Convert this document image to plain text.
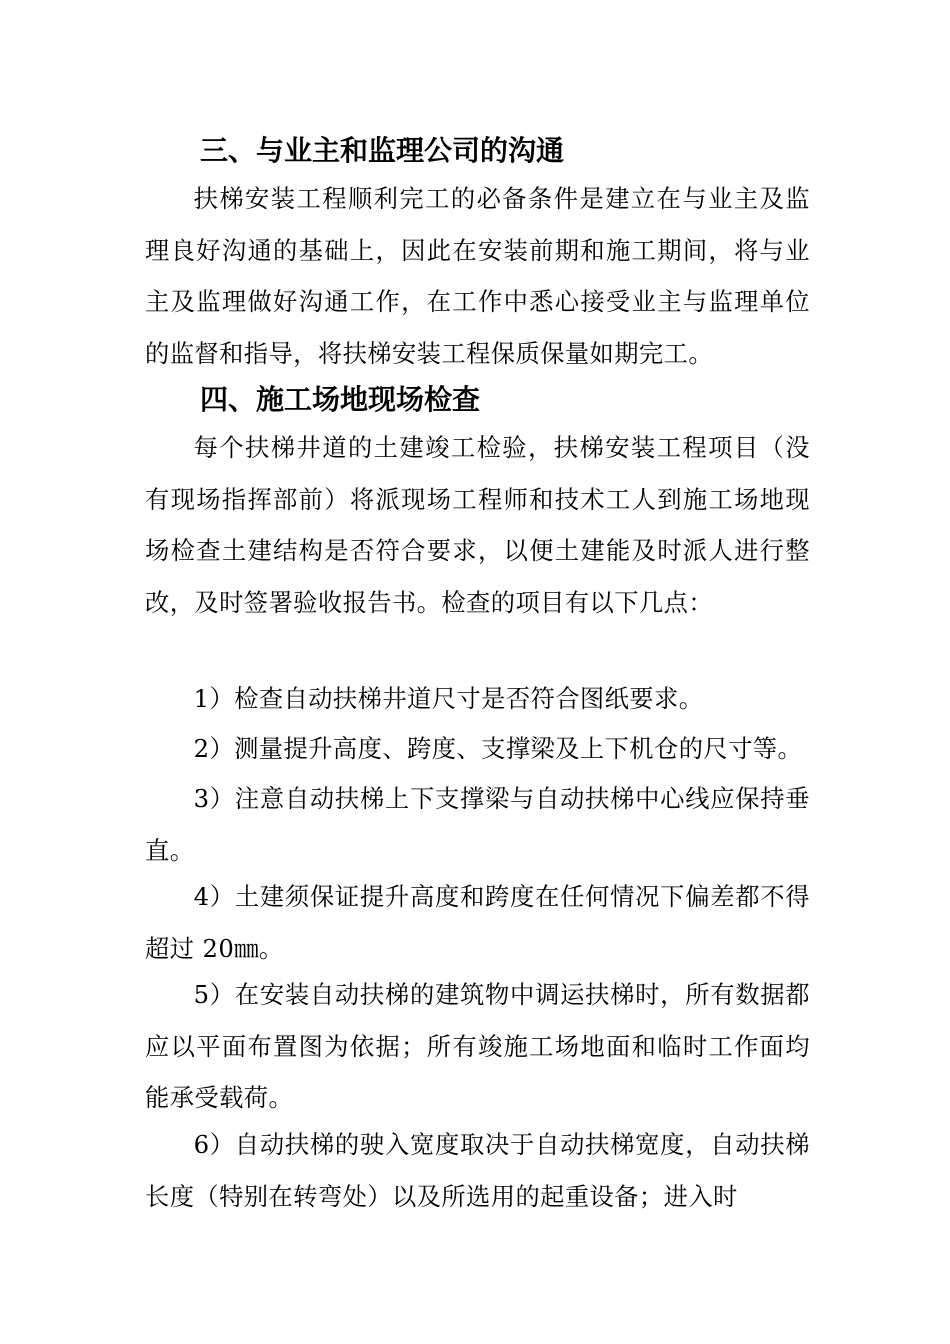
三、与业主和监理公司的沟通

扶梯安装工程顺利完工的必备条件是建立在与业主及监理良好沟通的基础上，因此在安装前期和施工期间，将与业主及监理做好沟通工作，在工作中悉心接受业主与监理单位的监督和指导，将扶梯安装工程保质保量如期完工。

四、施工场地现场检查

每个扶梯井道的土建竣工检验，扶梯安装工程项目（没有现场指挥部前）将派现场工程师和技术工人到施工场地现场检查土建结构是否符合要求，以便土建能及时派人进行整改，及时签署验收报告书。检查的项目有以下几点：

1）检查自动扶梯井道尺寸是否符合图纸要求。

2）测量提升高度、跨度、支撑梁及上下机仓的尺寸等。

3）注意自动扶梯上下支撑梁与自动扶梯中心线应保持垂直。

4）土建须保证提升高度和跨度在任何情况下偏差都不得超过 20㎜。

5）在安装自动扶梯的建筑物中调运扶梯时，所有数据都应以平面布置图为依据；所有竣施工场地面和临时工作面均能承受载荷。

6）自动扶梯的驶入宽度取决于自动扶梯宽度，自动扶梯长度（特别在转弯处）以及所选用的起重设备；进入时
